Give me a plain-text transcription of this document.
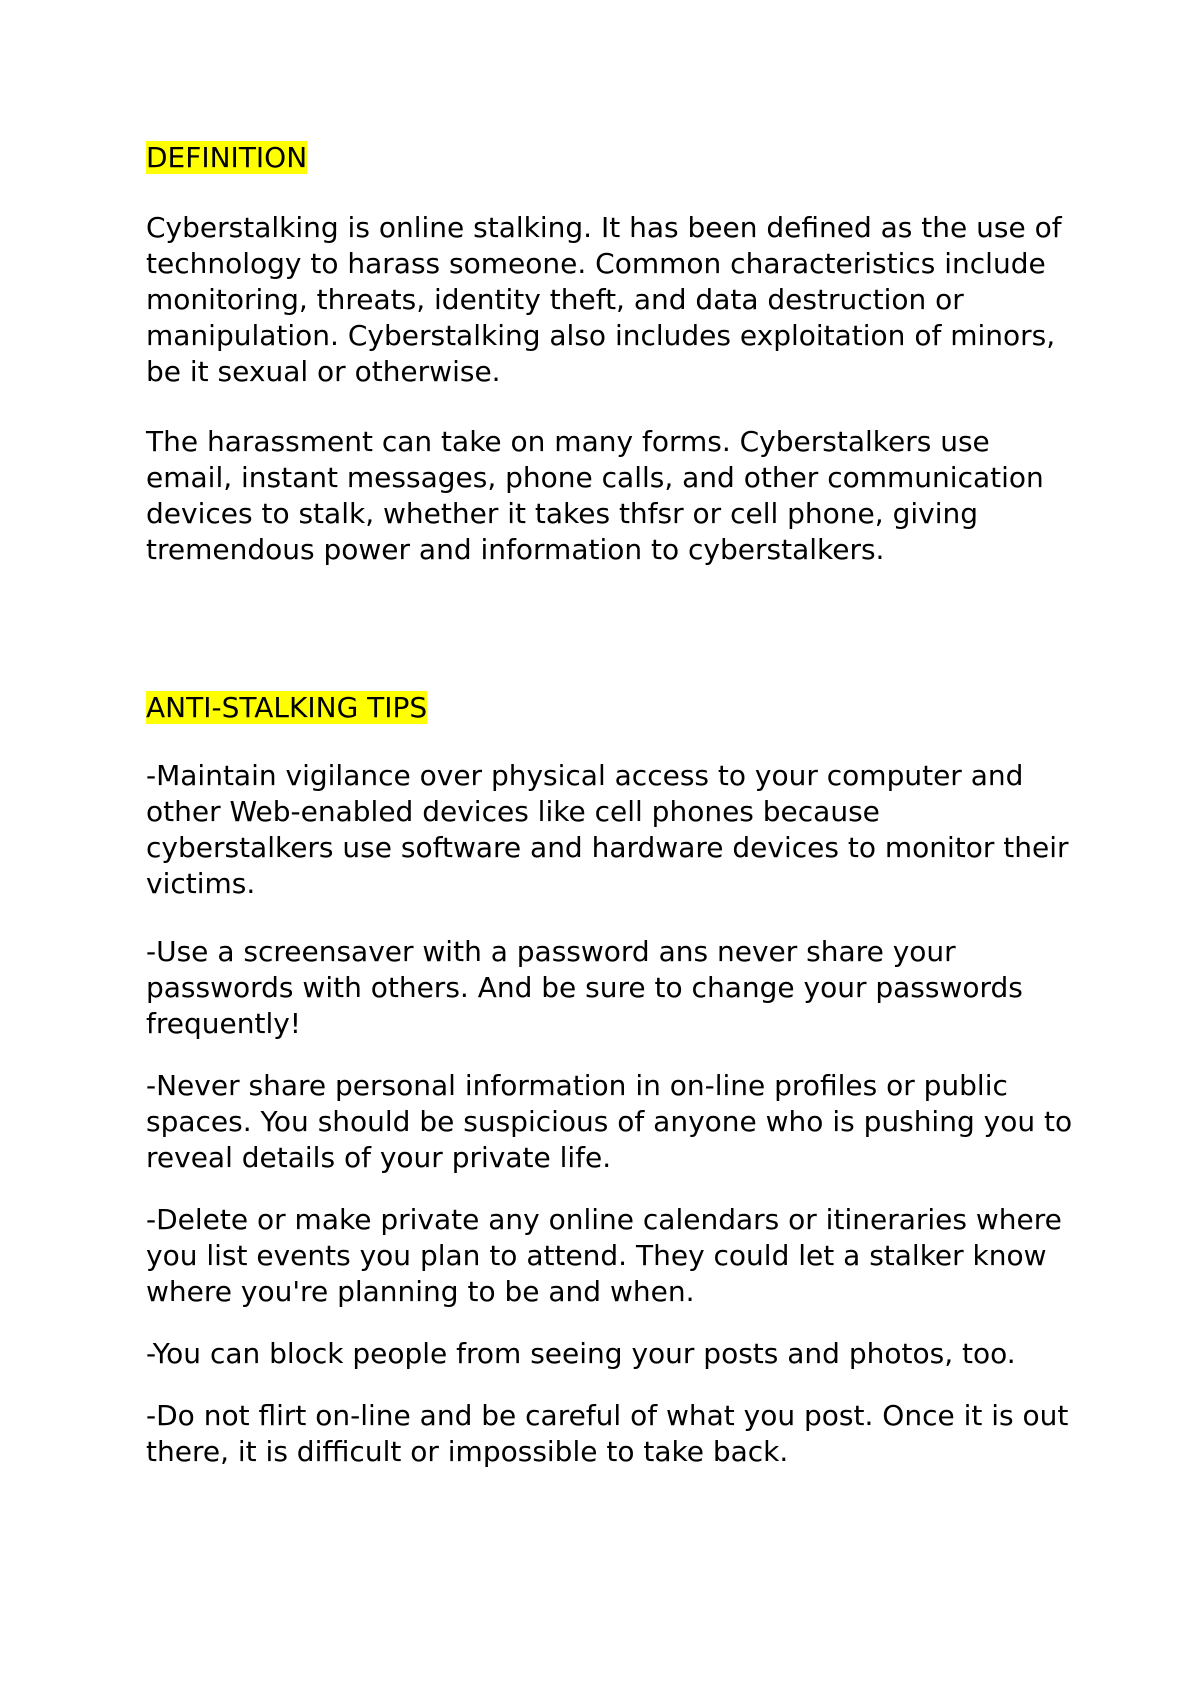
DEFINITION

Cyberstalking is online stalking. It has been defined as the use of technology to harass someone. Common characteristics include monitoring, threats, identity theft, and data destruction or manipulation. Cyberstalking also includes exploitation of minors, be it sexual or otherwise.

The harassment can take on many forms. Cyberstalkers use email, instant messages, phone calls, and other communication devices to stalk, whether it takes thfsr or cell phone, giving tremendous power and information to cyberstalkers.

ANTI-STALKING TIPS

-Maintain vigilance over physical access to your computer and other Web-enabled devices like cell phones because cyberstalkers use software and hardware devices to monitor their victims.

-Use a screensaver with a password ans never share your passwords with others. And be sure to change your passwords frequently!

-Never share personal information in on-line profiles or public spaces. You should be suspicious of anyone who is pushing you to reveal details of your private life.

-Delete or make private any online calendars or itineraries where you list events you plan to attend. They could let a stalker know where you're planning to be and when.

-You can block people from seeing your posts and photos, too.

-Do not flirt on-line and be careful of what you post. Once it is out there, it is difficult or impossible to take back.
